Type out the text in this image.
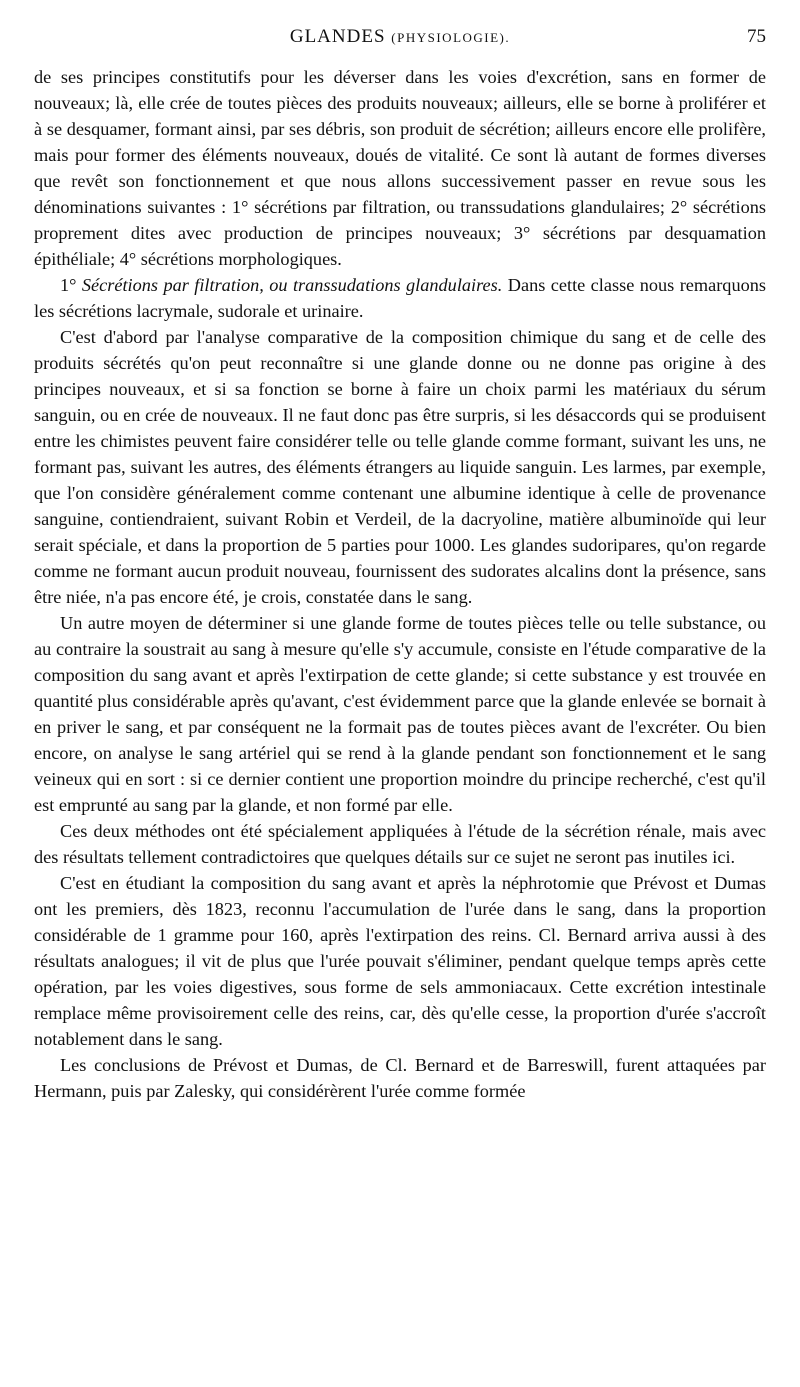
GLANDES (PHYSIOLOGIE).	75

de ses principes constitutifs pour les déverser dans les voies d'excrétion, sans en former de nouveaux; là, elle crée de toutes pièces des produits nouveaux; ailleurs, elle se borne à proliférer et à se desquamer, formant ainsi, par ses débris, son produit de sécrétion; ailleurs encore elle prolifère, mais pour former des éléments nouveaux, doués de vitalité. Ce sont là autant de formes diverses que revêt son fonctionnement et que nous allons successivement passer en revue sous les dénominations suivantes : 1° sécrétions par filtration, ou transsudations glandulaires; 2° sécrétions proprement dites avec production de principes nouveaux; 3° sécrétions par desquamation épithéliale; 4° sécrétions morphologiques.

1° Sécrétions par filtration, ou transsudations glandulaires. Dans cette classe nous remarquons les sécrétions lacrymale, sudorale et urinaire.

C'est d'abord par l'analyse comparative de la composition chimique du sang et de celle des produits sécrétés qu'on peut reconnaître si une glande donne ou ne donne pas origine à des principes nouveaux, et si sa fonction se borne à faire un choix parmi les matériaux du sérum sanguin, ou en crée de nouveaux. Il ne faut donc pas être surpris, si les désaccords qui se produisent entre les chimistes peuvent faire considérer telle ou telle glande comme formant, suivant les uns, ne formant pas, suivant les autres, des éléments étrangers au liquide sanguin. Les larmes, par exemple, que l'on considère généralement comme contenant une albumine identique à celle de provenance sanguine, contiendraient, suivant Robin et Verdeil, de la dacryoline, matière albuminoïde qui leur serait spéciale, et dans la proportion de 5 parties pour 1000. Les glandes sudoripares, qu'on regarde comme ne formant aucun produit nouveau, fournissent des sudorates alcalins dont la présence, sans être niée, n'a pas encore été, je crois, constatée dans le sang.

Un autre moyen de déterminer si une glande forme de toutes pièces telle ou telle substance, ou au contraire la soustrait au sang à mesure qu'elle s'y accumule, consiste en l'étude comparative de la composition du sang avant et après l'extirpation de cette glande; si cette substance y est trouvée en quantité plus considérable après qu'avant, c'est évidemment parce que la glande enlevée se bornait à en priver le sang, et par conséquent ne la formait pas de toutes pièces avant de l'excréter. Ou bien encore, on analyse le sang artériel qui se rend à la glande pendant son fonctionnement et le sang veineux qui en sort : si ce dernier contient une proportion moindre du principe recherché, c'est qu'il est emprunté au sang par la glande, et non formé par elle.

Ces deux méthodes ont été spécialement appliquées à l'étude de la sécrétion rénale, mais avec des résultats tellement contradictoires que quelques détails sur ce sujet ne seront pas inutiles ici.

C'est en étudiant la composition du sang avant et après la néphrotomie que Prévost et Dumas ont les premiers, dès 1823, reconnu l'accumulation de l'urée dans le sang, dans la proportion considérable de 1 gramme pour 160, après l'extirpation des reins. Cl. Bernard arriva aussi à des résultats analogues; il vit de plus que l'urée pouvait s'éliminer, pendant quelque temps après cette opération, par les voies digestives, sous forme de sels ammoniacaux. Cette excrétion intestinale remplace même provisoirement celle des reins, car, dès qu'elle cesse, la proportion d'urée s'accroît notablement dans le sang.

Les conclusions de Prévost et Dumas, de Cl. Bernard et de Barreswill, furent attaquées par Hermann, puis par Zalesky, qui considérèrent l'urée comme formée
